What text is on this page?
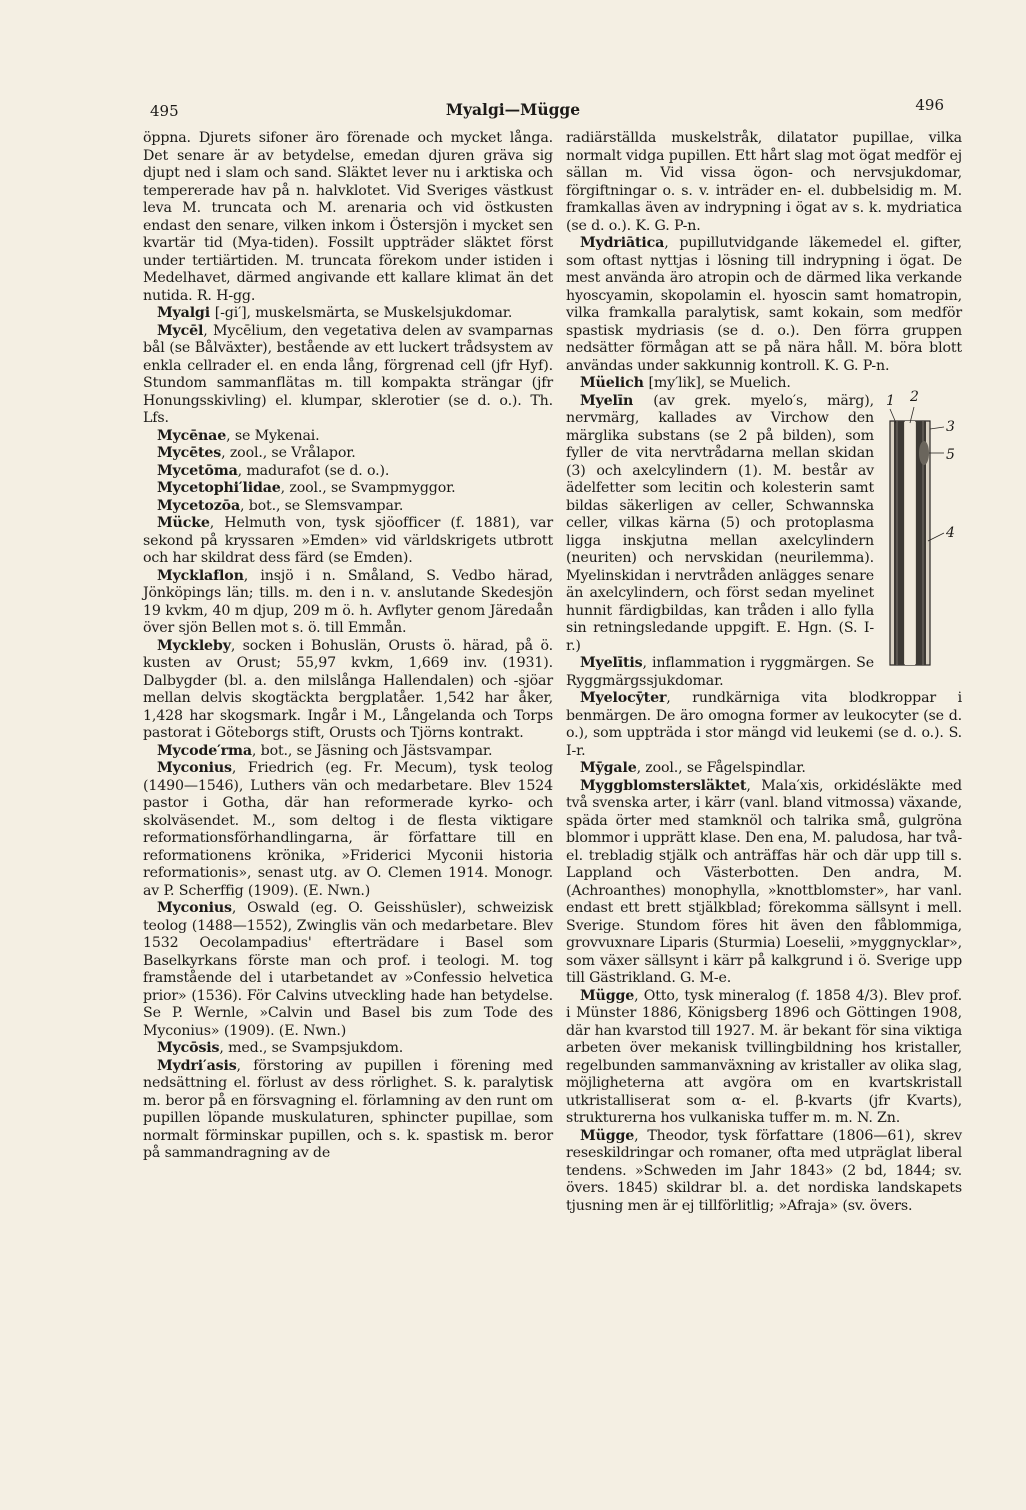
495	Myalgi—Mügge	496

öppna. Djurets sifoner äro förenade och mycket långa. Det senare är av betydelse, emedan djuren gräva sig djupt ned i slam och sand. Släktet lever nu i arktiska och tempererade hav på n. halvklotet. Vid Sveriges västkust leva M. truncata och M. arenaria och vid östkusten endast den senare, vilken inkom i Östersjön i mycket sen kvartär tid (Mya-tiden). Fossilt uppträder släktet först under tertiärtiden. M. truncata förekom under istiden i Medelhavet, därmed angivande ett kallare klimat än det nutida. R. H-gg.

Myalgi [-gi′], muskelsmärta, se Muskelsjukdomar.

Mycēl, Mycēlium, den vegetativa delen av svamparnas bål (se Bålväxter), bestående av ett luckert trådsystem av enkla cellrader el. en enda lång, förgrenad cell (jfr Hyf). Stundom sammanflätas m. till kompakta strängar (jfr Honungsskivling) el. klumpar, sklerotier (se d. o.). Th. Lfs.

Mycēnae, se Mykenai.

Mycētes, zool., se Vrålapor.

Mycetōma, madurafot (se d. o.).

Mycetophi′lidae, zool., se Svampmyggor.

Mycetozōa, bot., se Slemsvampar.

Mücke, Helmuth von, tysk sjöofficer (f. 1881), var sekond på kryssaren »Emden» vid världskrigets utbrott och har skildrat dess färd (se Emden).

Mycklaflon, insjö i n. Småland, S. Vedbo härad, Jönköpings län; tills. m. den i n. v. anslutande Skedesjön 19 kvkm, 40 m djup, 209 m ö. h. Avflyter genom Järedaån över sjön Bellen mot s. ö. till Emmån.

Myckleby, socken i Bohuslän, Orusts ö. härad, på ö. kusten av Orust; 55,97 kvkm, 1,669 inv. (1931). Dalbygder (bl. a. den milslånga Hallendalen) och -sjöar mellan delvis skogtäckta bergplatåer. 1,542 har åker, 1,428 har skogsmark. Ingår i M., Långelanda och Torps pastorat i Göteborgs stift, Orusts och Tjörns kontrakt.

Mycode′rma, bot., se Jäsning och Jästsvampar.

Myconius, Friedrich (eg. Fr. Mecum), tysk teolog (1490—1546), Luthers vän och medarbetare. Blev 1524 pastor i Gotha, där han reformerade kyrko- och skolväsendet. M., som deltog i de flesta viktigare reformationsförhandlingarna, är författare till en reformationens krönika, »Friderici Myconii historia reformationis», senast utg. av O. Clemen 1914. Monogr. av P. Scherffig (1909). (E. Nwn.)

Myconius, Oswald (eg. O. Geisshüsler), schweizisk teolog (1488—1552), Zwinglis vän och medarbetare. Blev 1532 Oecolampadius' efterträdare i Basel som Baselkyrkans förste man och prof. i teologi. M. tog framstående del i utarbetandet av »Confessio helvetica prior» (1536). För Calvins utveckling hade han betydelse. Se P. Wernle, »Calvin und Basel bis zum Tode des Myconius» (1909). (E. Nwn.)

Mycōsis, med., se Svampsjukdom.

Mydri′asis, förstoring av pupillen i förening med nedsättning el. förlust av dess rörlighet. S. k. paralytisk m. beror på en försvagning el. förlamning av den runt om pupillen löpande muskulaturen, sphincter pupillae, som normalt förminskar pupillen, och s. k. spastisk m. beror på sammandragning av de

radiärställda muskelstråk, dilatator pupillae, vilka normalt vidga pupillen. Ett hårt slag mot ögat medför ej sällan m. Vid vissa ögon- och nervsjukdomar, förgiftningar o. s. v. inträder en- el. dubbelsidig m. M. framkallas även av indrypning i ögat av s. k. mydriatica (se d. o.). K. G. P-n.

Mydriātica, pupillutvidgande läkemedel el. gifter, som oftast nyttjas i lösning till indrypning i ögat. De mest använda äro atropin och de därmed lika verkande hyoscyamin, skopolamin el. hyoscin samt homatropin, vilka framkalla paralytisk, samt kokain, som medför spastisk mydriasis (se d. o.). Den förra gruppen nedsätter förmågan att se på nära håll. M. böra blott användas under sakkunnig kontroll. K. G. P-n.

Müelich [my′lik], se Muelich.

1 2
3
5
4

Myelīn (av grek. myelo′s, märg), nervmärg, kallades av Virchow den märglika substans (se 2 på bilden), som fyller de vita nervtrådarna mellan skidan (3) och axelcylindern (1). M. består av ädelfetter som lecitin och kolesterin samt bildas säkerligen av celler, Schwannska celler, vilkas kärna (5) och protoplasma ligga inskjutna mellan axelcylindern (neuriten) och nervskidan (neurilemma). Myelinskidan i nervtråden anlägges senare än axelcylindern, och först sedan myelinet hunnit färdigbildas, kan tråden i allo fylla sin retningsledande uppgift. E. Hgn. (S. I-r.)

Myelītis, inflammation i ryggmärgen. Se Ryggmärgssjukdomar.

Myelocȳter, rundkärniga vita blodkroppar i benmärgen. De äro omogna former av leukocyter (se d. o.), som uppträda i stor mängd vid leukemi (se d. o.). S. I-r.

Mȳgale, zool., se Fågelspindlar.

Myggblomstersläktet, Mala′xis, orkidésläkte med två svenska arter, i kärr (vanl. bland vitmossa) växande, späda örter med stamknöl och talrika små, gulgröna blommor i upprätt klase. Den ena, M. paludosa, har två- el. trebladig stjälk och anträffas här och där upp till s. Lappland och Västerbotten. Den andra, M. (Achroanthes) monophylla, »knottblomster», har vanl. endast ett brett stjälkblad; förekomma sällsynt i mell. Sverige. Stundom föres hit även den fåblommiga, grovvuxnare Liparis (Sturmia) Loeselii, »myggnycklar», som växer sällsynt i kärr på kalkgrund i ö. Sverige upp till Gästrikland. G. M-e.

Mügge, Otto, tysk mineralog (f. 1858 4/3). Blev prof. i Münster 1886, Königsberg 1896 och Göttingen 1908, där han kvarstod till 1927. M. är bekant för sina viktiga arbeten över mekanisk tvillingbildning hos kristaller, regelbunden sammanväxning av kristaller av olika slag, möjligheterna att avgöra om en kvartskristall utkristalliserat som α- el. β-kvarts (jfr Kvarts), strukturerna hos vulkaniska tuffer m. m. N. Zn.

Mügge, Theodor, tysk författare (1806—61), skrev reseskildringar och romaner, ofta med utpräglat liberal tendens. »Schweden im Jahr 1843» (2 bd, 1844; sv. övers. 1845) skildrar bl. a. det nordiska landskapets tjusning men är ej tillförlitlig; »Afraja» (sv. övers.
